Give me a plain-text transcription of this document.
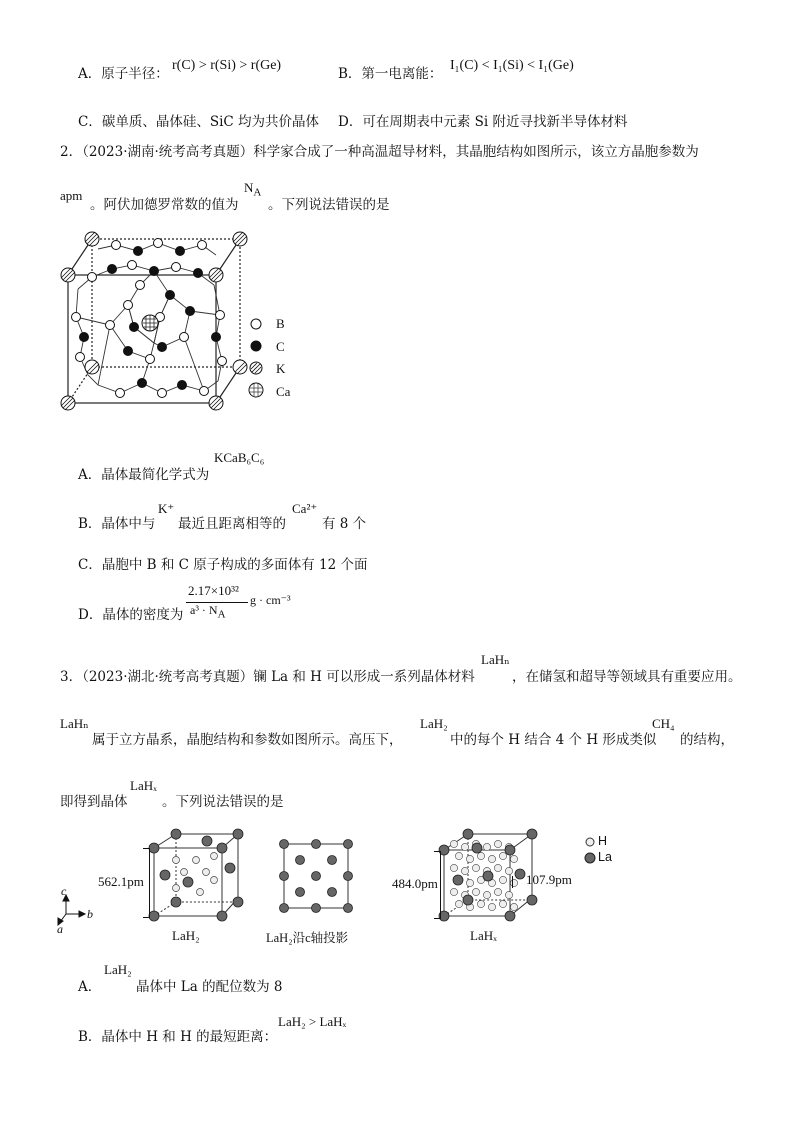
A．原子半径：
r(C) > r(Si) > r(Ge)
B．第一电离能：
I₁(C) < I₁(Si) < I₁(Ge)
C．碳单质、晶体硅、SiC 均为共价晶体 D．可在周期表中元素 Si 附近寻找新半导体材料
2．（2023·湖南·统考高考真题）科学家合成了一种高温超导材料，其晶胞结构如图所示，该立方晶胞参数为
apm
。阿伏加德罗常数的值为
$N_A$
。下列说法错误的是
B
C
K
Ca
A．晶体最简化学式为
KCaB₆C₆
B．晶体中与
K⁺
最近且距离相等的
Ca²⁺
有 8 个
C．晶胞中 B 和 C 原子构成的多面体有 12 个面
D．晶体的密度为
2.17×10³²
$a^3 \cdot N_A$
g · cm⁻³
3．（2023·湖北·统考高考真题）镧 La 和 H 可以形成一系列晶体材料
LaHₙ
，在储氢和超导等领域具有重要应用。
LaHₙ
属于立方晶系，晶胞结构和参数如图所示。高压下，
LaH₂
中的每个 H 结合 4 个 H 形成类似
CH₄
的结构，
即得到晶体
LaHₓ
。下列说法错误的是
c
b
a
562.1pm
LaH₂	LaH₂沿c轴投影
484.0pm	107.9pm
LaHₓ
H
La
A．
LaH₂
晶体中 La 的配位数为 8
B．晶体中 H 和 H 的最短距离：
LaH₂ > LaHₓ
